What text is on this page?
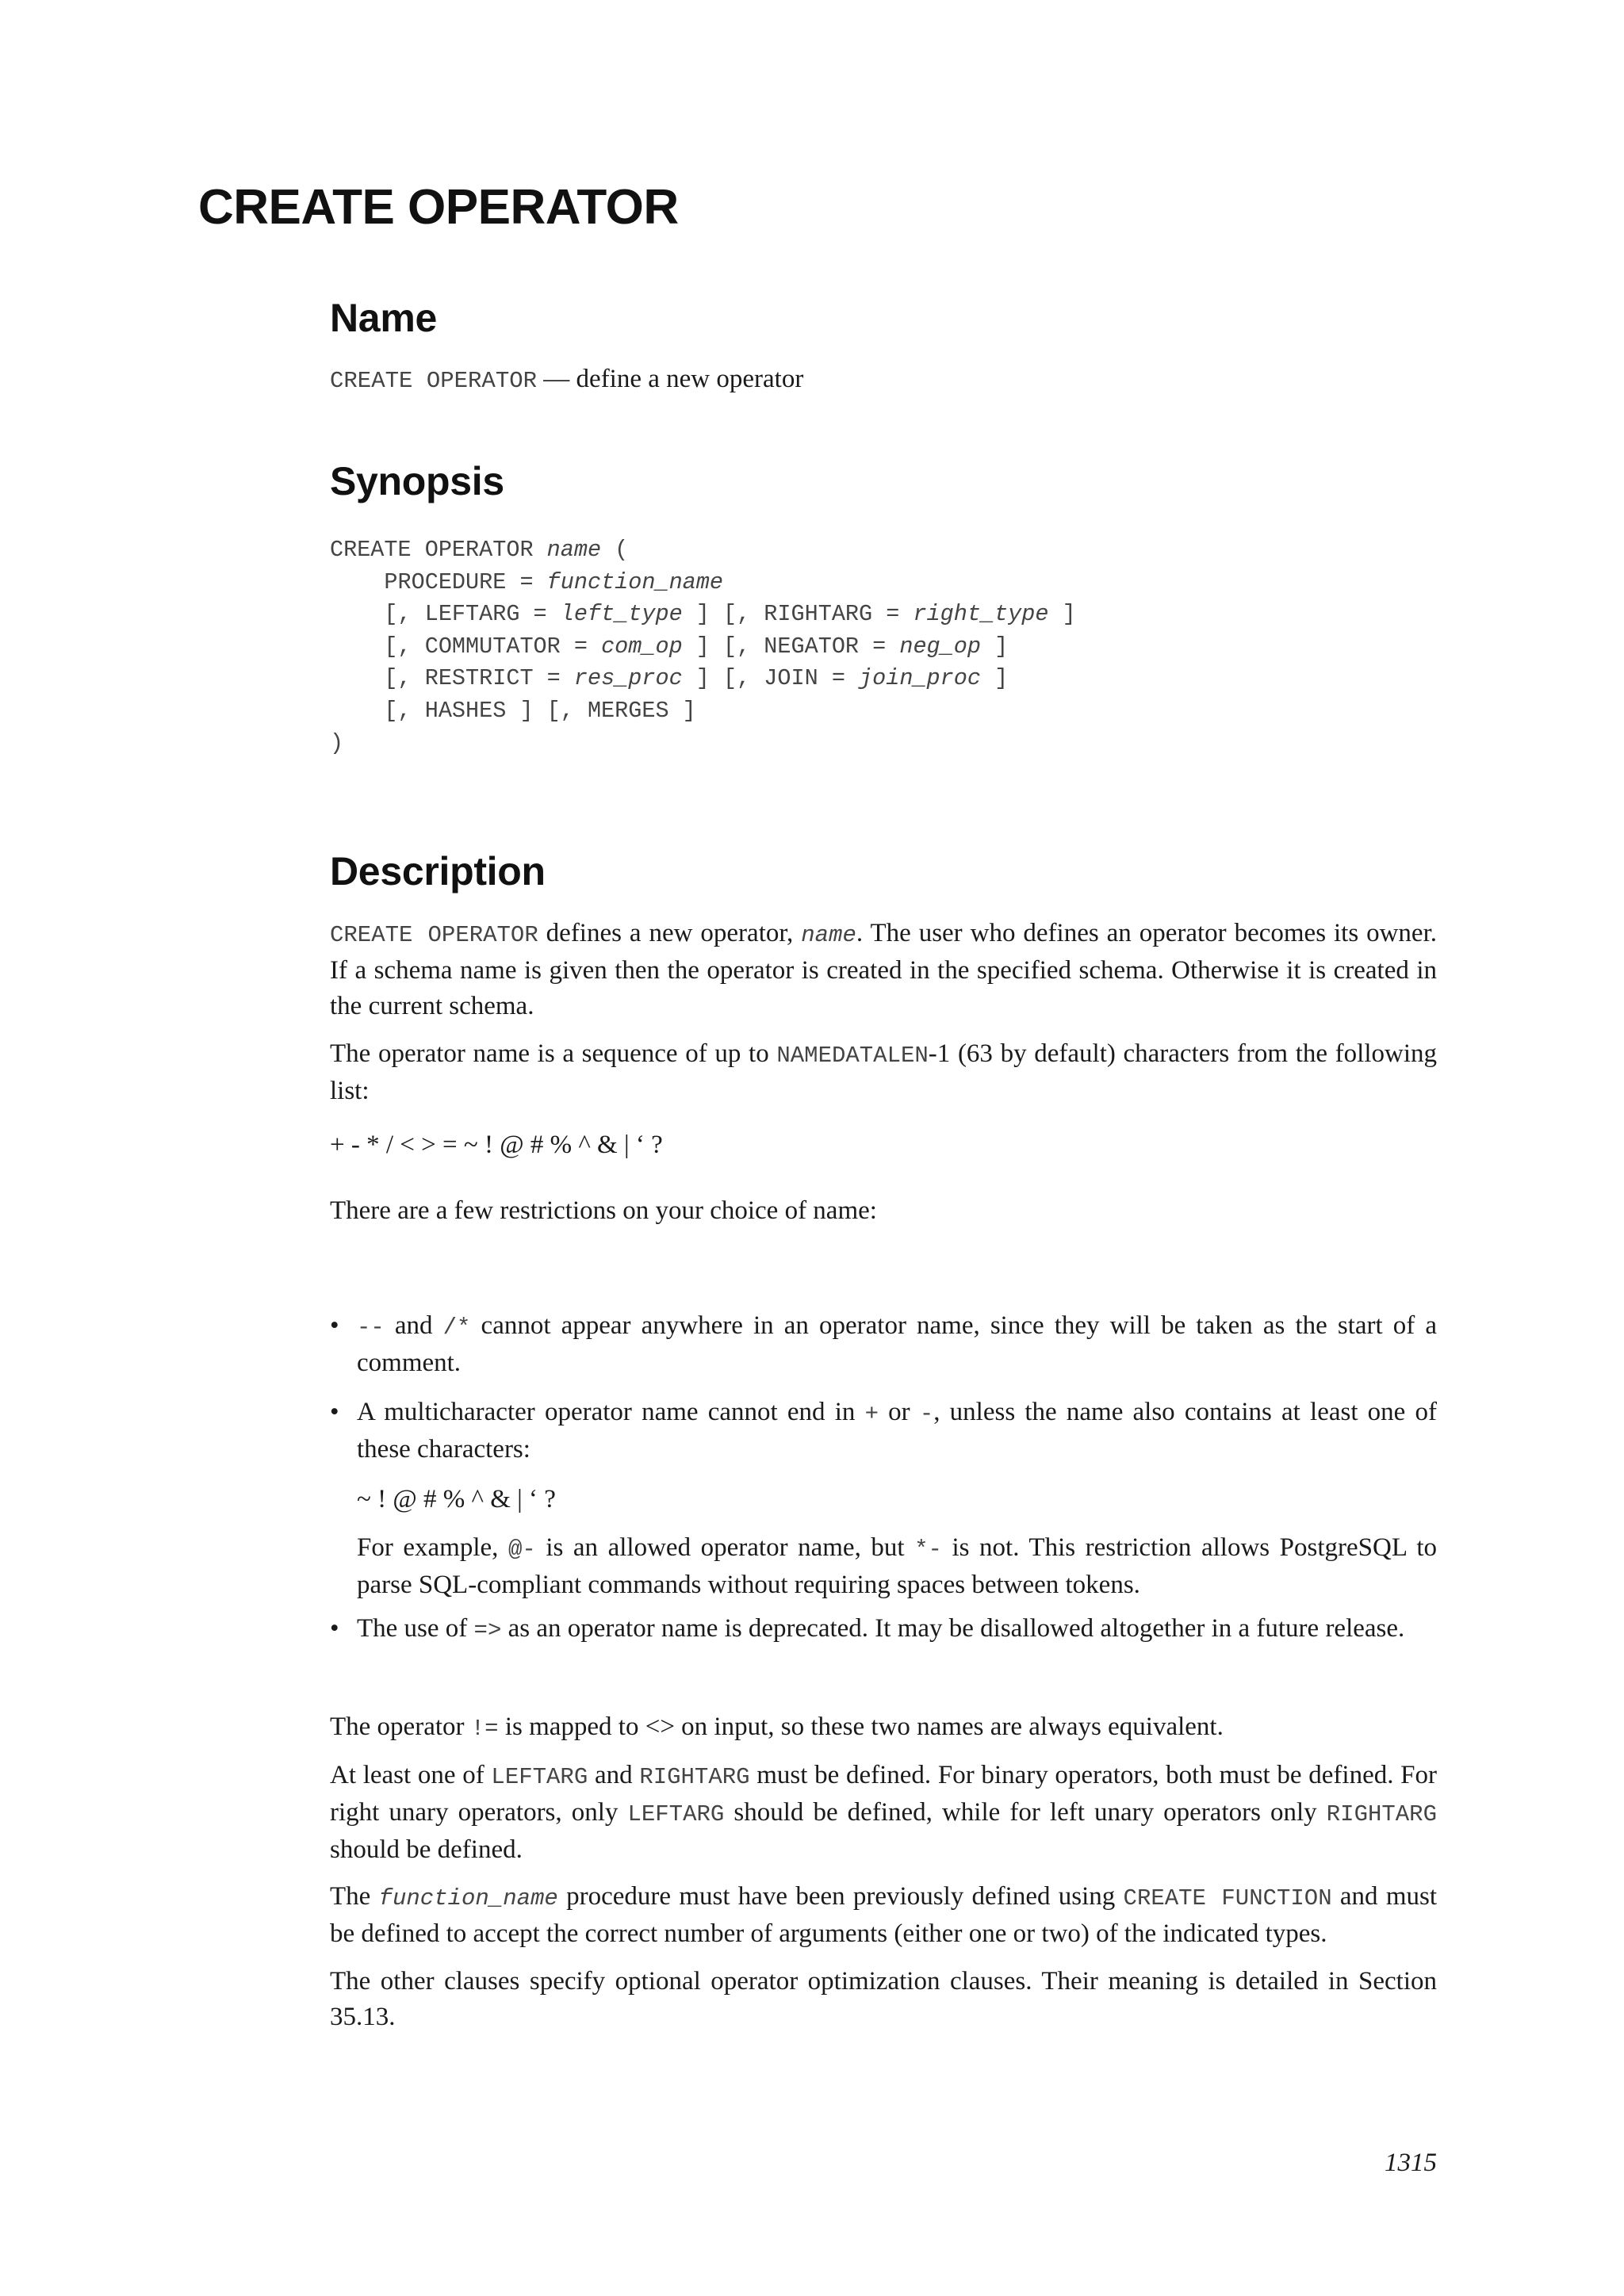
CREATE OPERATOR
Name

CREATE OPERATOR — define a new operator

Synopsis
CREATE OPERATOR name (
PROCEDURE = function_name
[, LEFTARG = left_type ] [, RIGHTARG = right_type ]
[, COMMUTATOR = com_op ] [, NEGATOR = neg_op ]
[, RESTRICT = res_proc ] [, JOIN = join_proc ]
[, HASHES ] [, MERGES ]
)
Description

CREATE OPERATOR defines a new operator, name. The user who defines an operator becomes its owner. If a schema name is given then the operator is created in the specified schema. Otherwise it is created in the current schema.

The operator name is a sequence of up to NAMEDATALEN-1 (63 by default) characters from the following list:

+ - * / < > = ~ ! @ # % ^ & | ‘ ?

There are a few restrictions on your choice of name:

• -- and /* cannot appear anywhere in an operator name, since they will be taken as the start of a comment.

• A multicharacter operator name cannot end in + or -, unless the name also contains at least one of these characters:

~ ! @ # % ^ & | ‘ ?

For example, @- is an allowed operator name, but *- is not. This restriction allows PostgreSQL to parse SQL-compliant commands without requiring spaces between tokens.

• The use of => as an operator name is deprecated. It may be disallowed altogether in a future release.

The operator != is mapped to <> on input, so these two names are always equivalent.

At least one of LEFTARG and RIGHTARG must be defined. For binary operators, both must be defined. For right unary operators, only LEFTARG should be defined, while for left unary operators only RIGHTARG should be defined.

The function_name procedure must have been previously defined using CREATE FUNCTION and must be defined to accept the correct number of arguments (either one or two) of the indicated types.

The other clauses specify optional operator optimization clauses. Their meaning is detailed in Section 35.13.

1315
